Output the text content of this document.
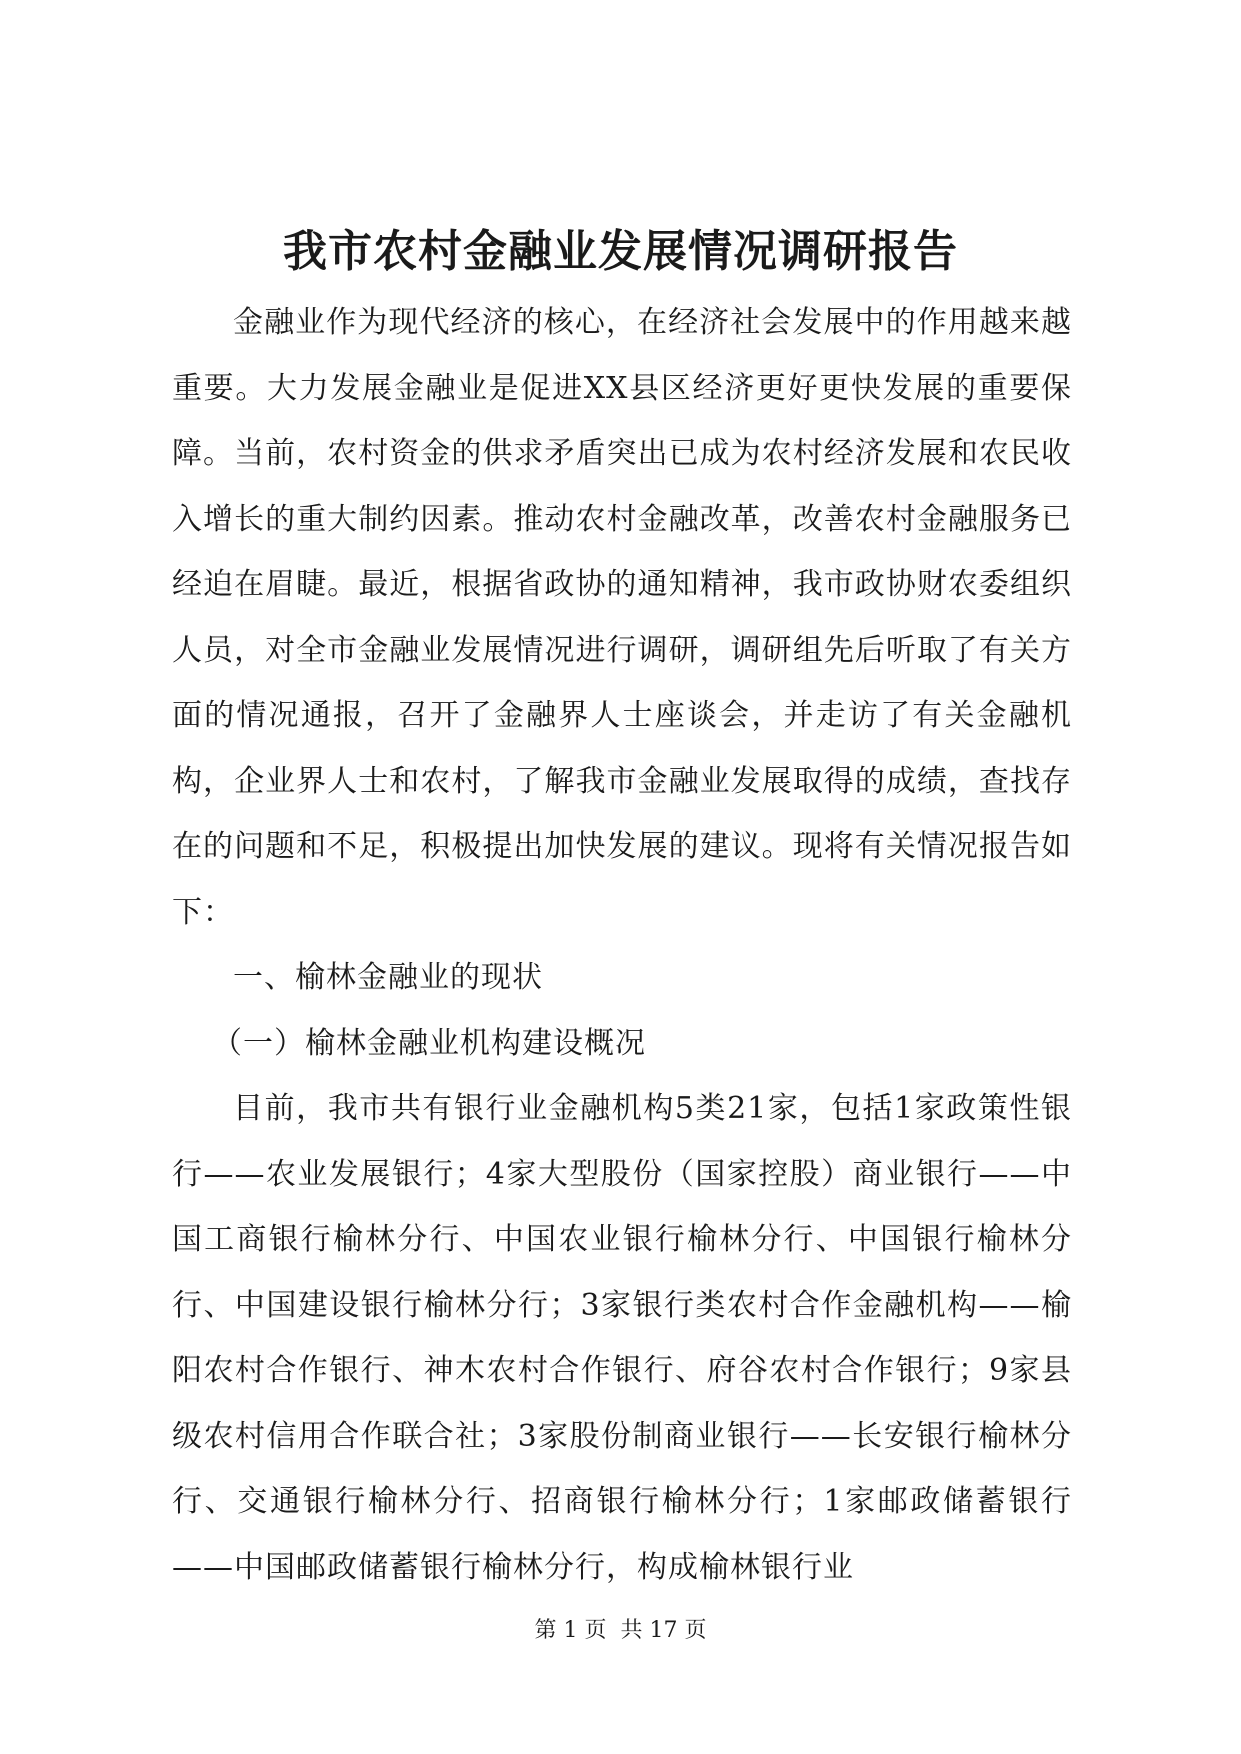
我市农村金融业发展情况调研报告

金融业作为现代经济的核心，在经济社会发展中的作用越来越重要。大力发展金融业是促进XX县区经济更好更快发展的重要保障。当前，农村资金的供求矛盾突出已成为农村经济发展和农民收入增长的重大制约因素。推动农村金融改革，改善农村金融服务已经迫在眉睫。最近，根据省政协的通知精神，我市政协财农委组织人员，对全市金融业发展情况进行调研，调研组先后听取了有关方面的情况通报，召开了金融界人士座谈会，并走访了有关金融机构，企业界人士和农村，了解我市金融业发展取得的成绩，查找存在的问题和不足，积极提出加快发展的建议。现将有关情况报告如下：

一、榆林金融业的现状

（一）榆林金融业机构建设概况

目前，我市共有银行业金融机构5类21家，包括1家政策性银行——农业发展银行；4家大型股份（国家控股）商业银行——中国工商银行榆林分行、中国农业银行榆林分行、中国银行榆林分行、中国建设银行榆林分行；3家银行类农村合作金融机构——榆阳农村合作银行、神木农村合作银行、府谷农村合作银行；9家县级农村信用合作联合社；3家股份制商业银行——长安银行榆林分行、交通银行榆林分行、招商银行榆林分行；1家邮政储蓄银行——中国邮政储蓄银行榆林分行，构成榆林银行业

第 1 页 共 17 页
